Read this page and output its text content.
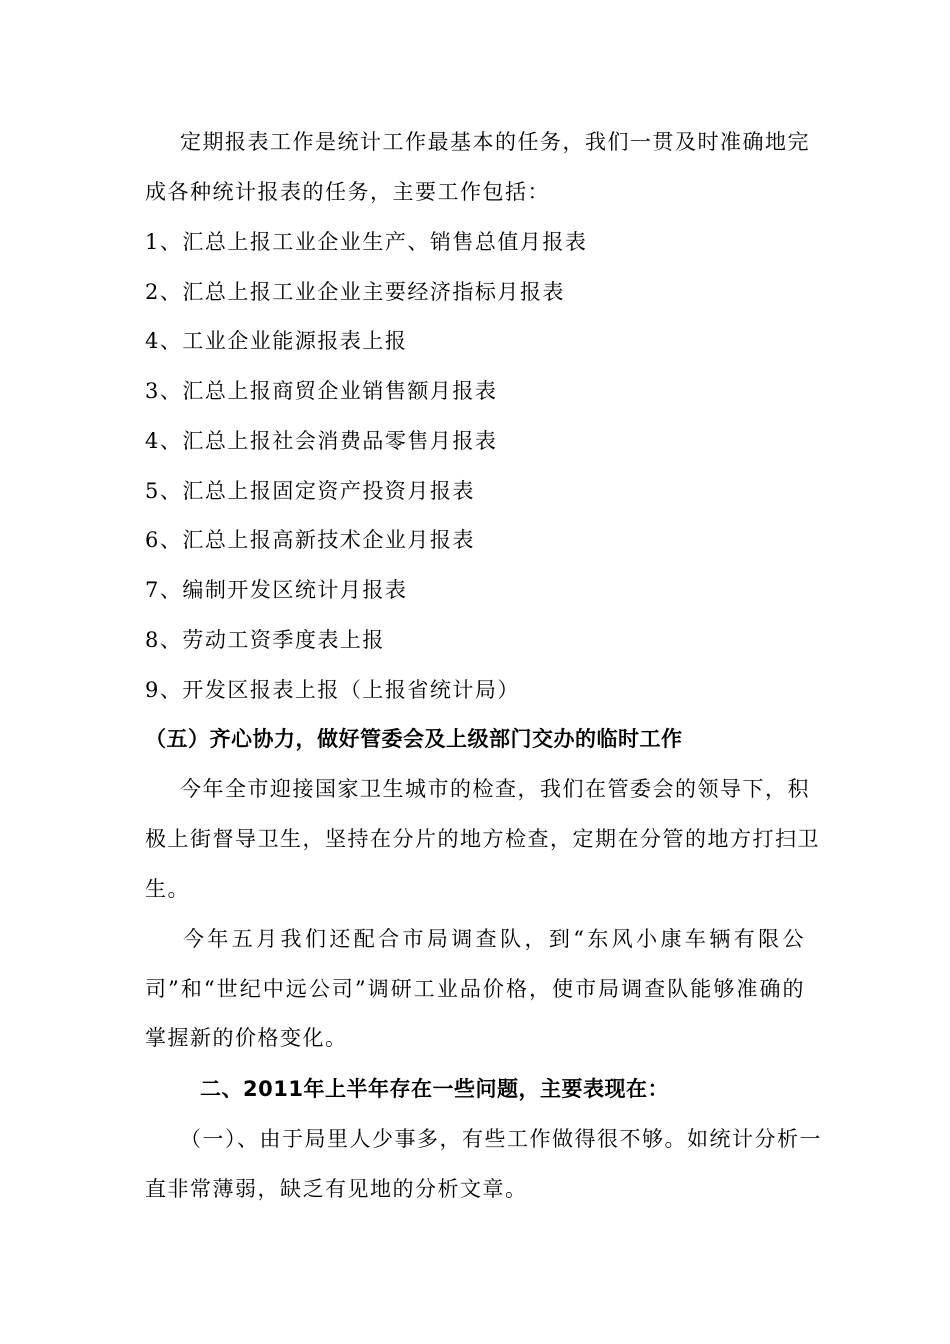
定期报表工作是统计工作最基本的任务，我们一贯及时准确地完
成各种统计报表的任务，主要工作包括：
1、汇总上报工业企业生产、销售总值月报表
2、汇总上报工业企业主要经济指标月报表
4、工业企业能源报表上报
3、汇总上报商贸企业销售额月报表
4、汇总上报社会消费品零售月报表
5、汇总上报固定资产投资月报表
6、汇总上报高新技术企业月报表
7、编制开发区统计月报表
8、劳动工资季度表上报
9、开发区报表上报（上报省统计局）
（五）齐心协力，做好管委会及上级部门交办的临时工作
今年全市迎接国家卫生城市的检查，我们在管委会的领导下，积
极上街督导卫生，坚持在分片的地方检查，定期在分管的地方打扫卫
生。
今年五月我们还配合市局调查队，到“东风小康车辆有限公
司”和“世纪中远公司”调研工业品价格，使市局调查队能够准确的
掌握新的价格变化。
二、2011年上半年存在一些问题，主要表现在：
（一）、由于局里人少事多，有些工作做得很不够。如统计分析一
直非常薄弱，缺乏有见地的分析文章。
